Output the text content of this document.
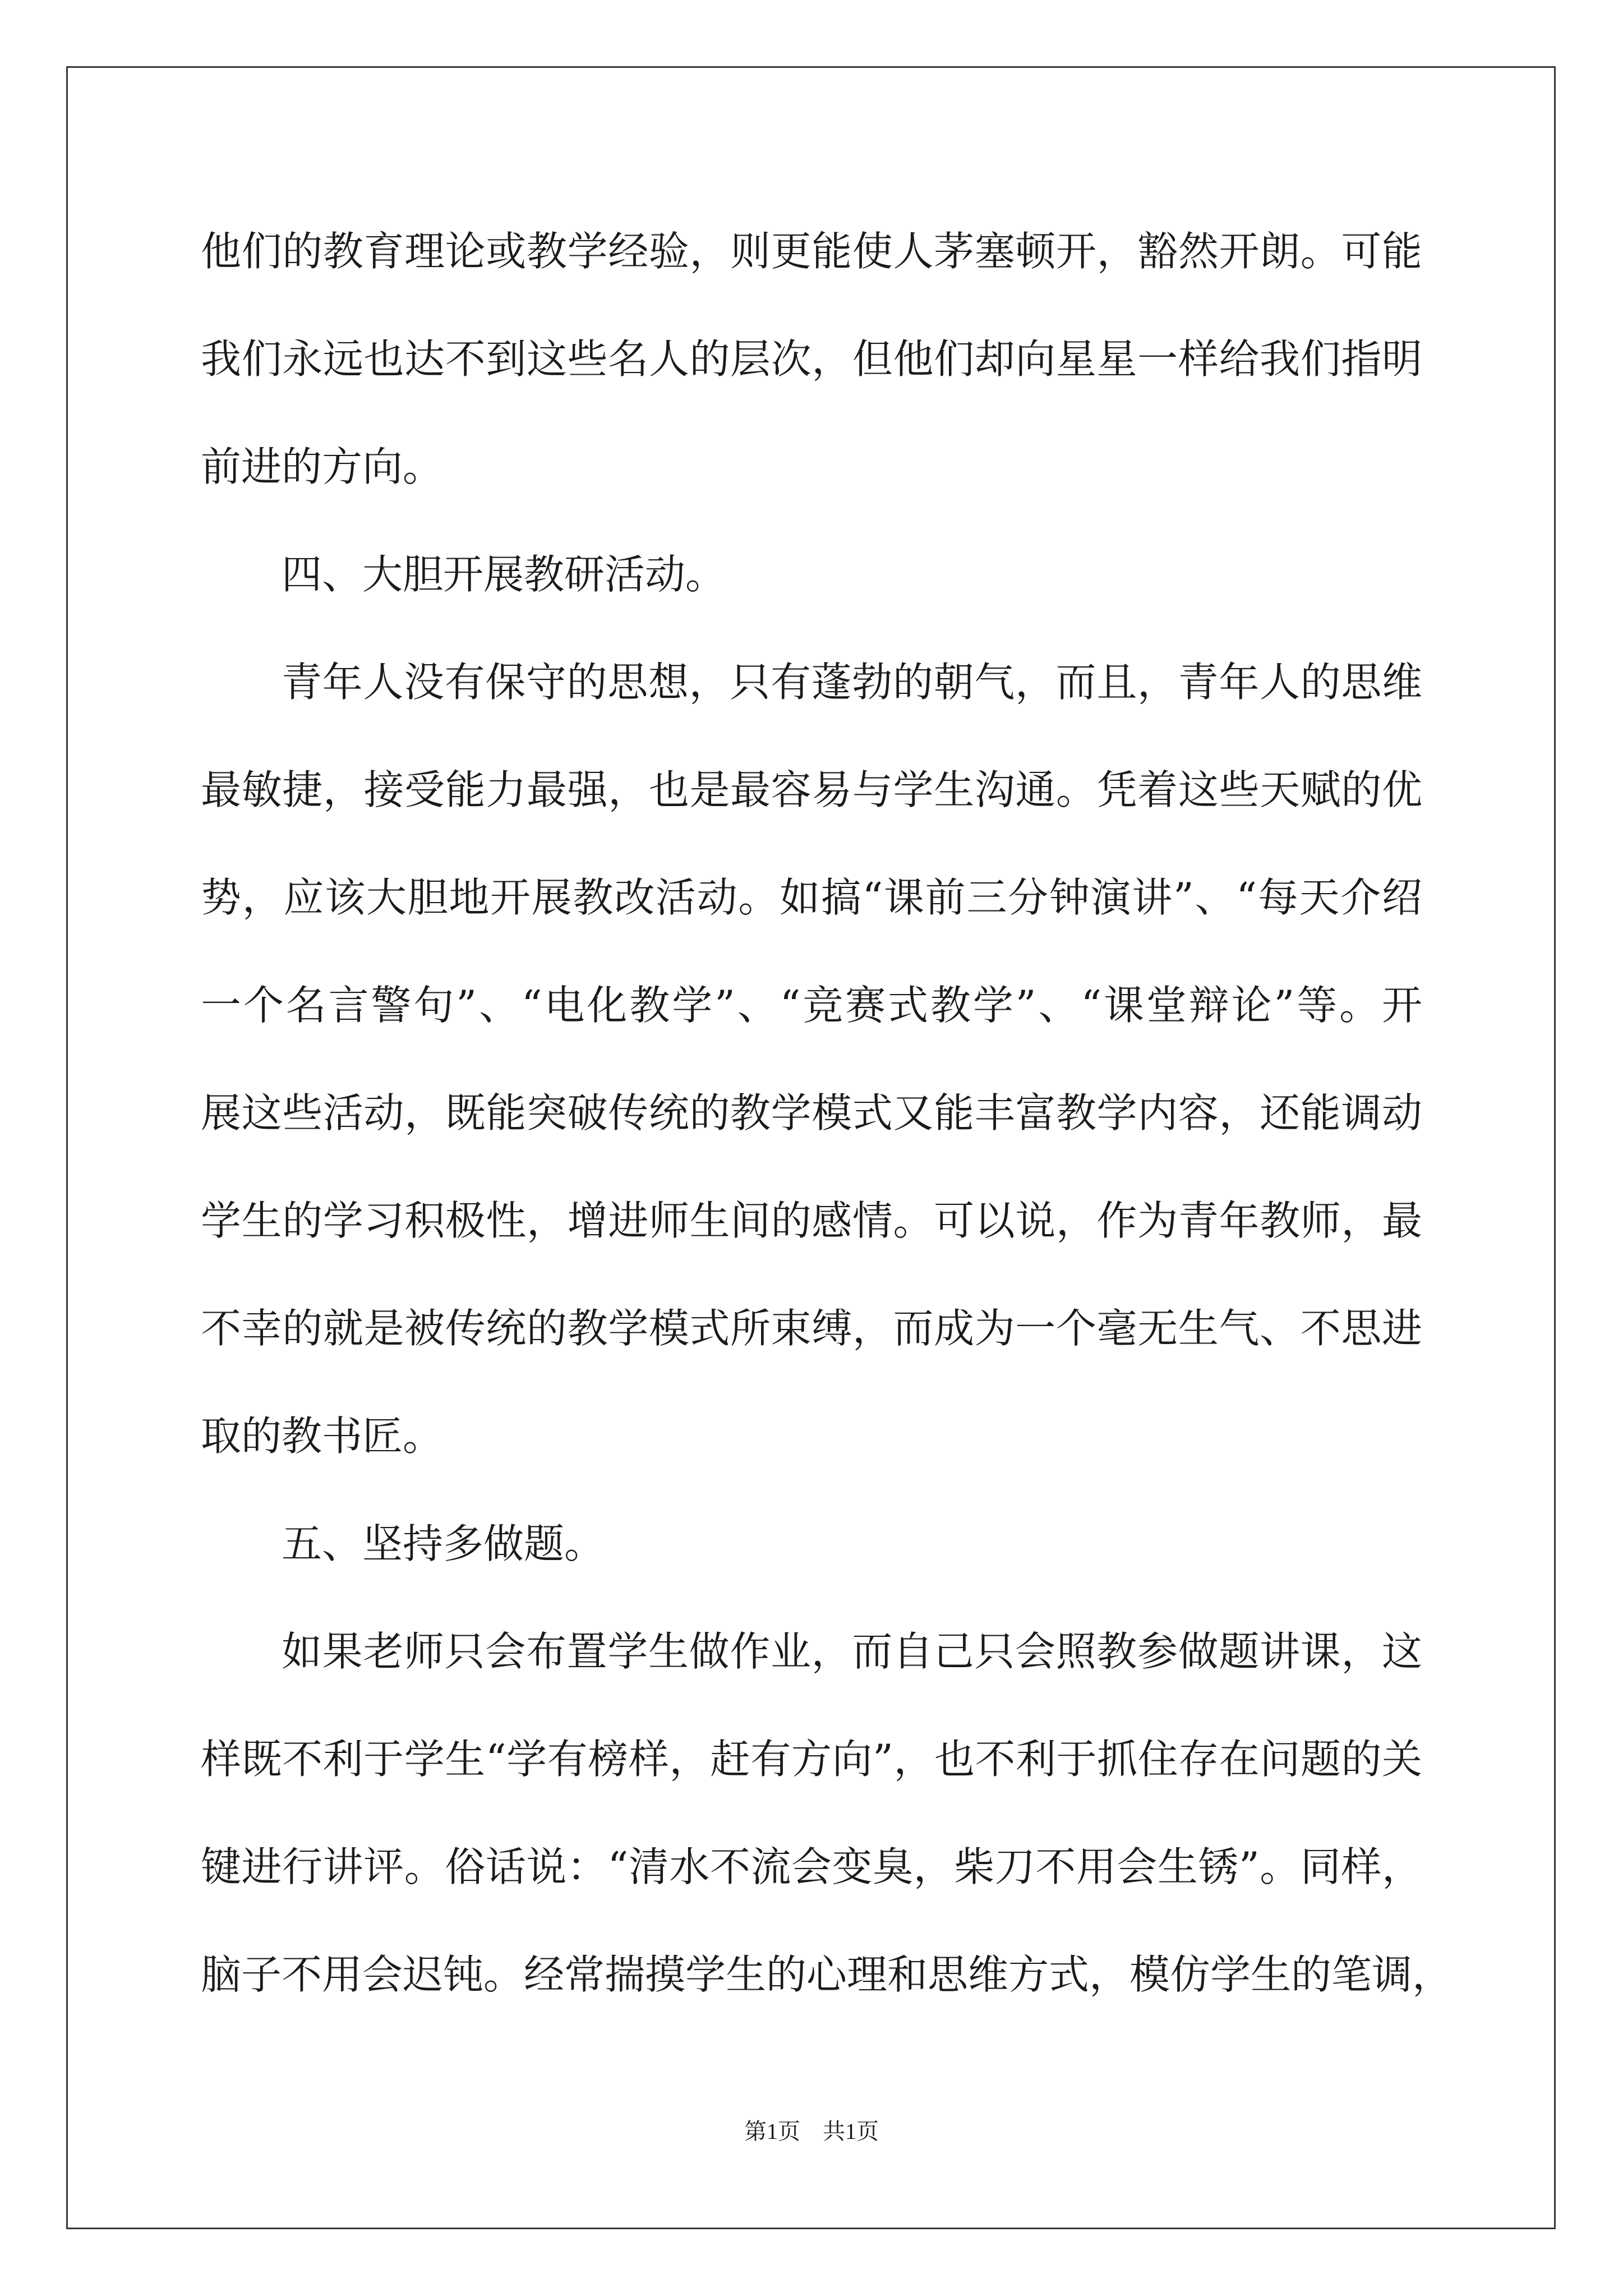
他们的教育理论或教学经验，则更能使人茅塞顿开，豁然开朗。可能
我们永远也达不到这些名人的层次，但他们却向星星一样给我们指明
前进的方向。
四、大胆开展教研活动。
青年人没有保守的思想，只有蓬勃的朝气，而且，青年人的思维
最敏捷，接受能力最强，也是最容易与学生沟通。凭着这些天赋的优
势，应该大胆地开展教改活动。如搞“课前三分钟演讲”、“每天介绍
一个名言警句”、“电化教学”、“竞赛式教学”、“课堂辩论”等。开
展这些活动，既能突破传统的教学模式又能丰富教学内容，还能调动
学生的学习积极性，增进师生间的感情。可以说，作为青年教师，最
不幸的就是被传统的教学模式所束缚，而成为一个毫无生气、不思进
取的教书匠。
五、坚持多做题。
如果老师只会布置学生做作业，而自己只会照教参做题讲课，这
样既不利于学生“学有榜样，赶有方向”，也不利于抓住存在问题的关
键进行讲评。俗话说：“清水不流会变臭，柴刀不用会生锈”。同样，
脑子不用会迟钝。经常揣摸学生的心理和思维方式，模仿学生的笔调，
第1页 共1页
